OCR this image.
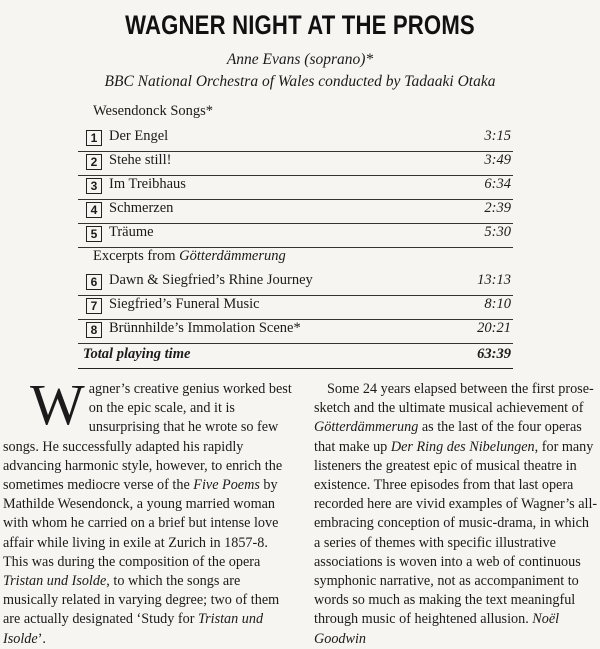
WAGNER NIGHT AT THE PROMS
Anne Evans (soprano)*
BBC National Orchestra of Wales conducted by Tadaaki Otaka
Wesendonck Songs*
1 Der Engel	3:15
2 Stehe still!	3:49
3 Im Treibhaus	6:34
4 Schmerzen	2:39
5 Träume	5:30
Excerpts from Götterdämmerung
6 Dawn & Siegfried’s Rhine Journey	13:13
7 Siegfried’s Funeral Music	8:10
8 Brünnhilde’s Immolation Scene*	20:21
Total playing time	63:39
Wagner’s creative genius worked best on the epic scale, and it is unsurprising that he wrote so few songs. He successfully adapted his rapidly advancing harmonic style, however, to enrich the sometimes mediocre verse of the Five Poems by Mathilde Wesendonck, a young married woman with whom he carried on a brief but intense love affair while living in exile at Zurich in 1857-8. This was during the composition of the opera Tristan und Isolde, to which the songs are musically related in varying degree; two of them are actually designated ‘Study for Tristan und Isolde’.
Some 24 years elapsed between the first prose-sketch and the ultimate musical achievement of Götterdämmerung as the last of the four operas that make up Der Ring des Nibelungen, for many listeners the greatest epic of musical theatre in existence. Three episodes from that last opera recorded here are vivid examples of Wagner’s all-embracing conception of music-drama, in which a series of themes with specific illustrative associations is woven into a web of continuous symphonic narrative, not as accompaniment to words so much as making the text meaningful through music of heightened allusion. Noël Goodwin
